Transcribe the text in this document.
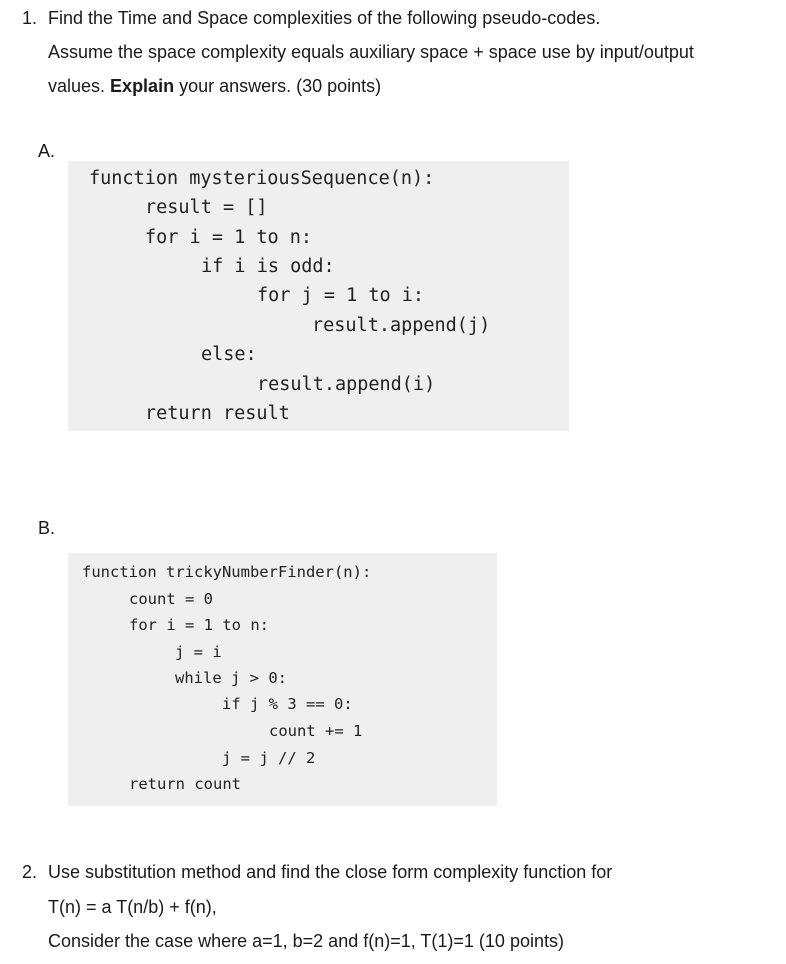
1. Find the Time and Space complexities of the following pseudo-codes.
Assume the space complexity equals auxiliary space + space use by input/output
values. Explain your answers. (30 points)
A.
function mysteriousSequence(n):
result = []
for i = 1 to n:
if i is odd:
for j = 1 to i:
result.append(j)
else:
result.append(i)
return result
B.
function trickyNumberFinder(n):
count = 0
for i = 1 to n:
j = i
while j > 0:
if j % 3 == 0:
count += 1
j = j // 2
return count
2. Use substitution method and find the close form complexity function for
T(n) = a T(n/b) + f(n),
Consider the case where a=1, b=2 and f(n)=1, T(1)=1 (10 points)
